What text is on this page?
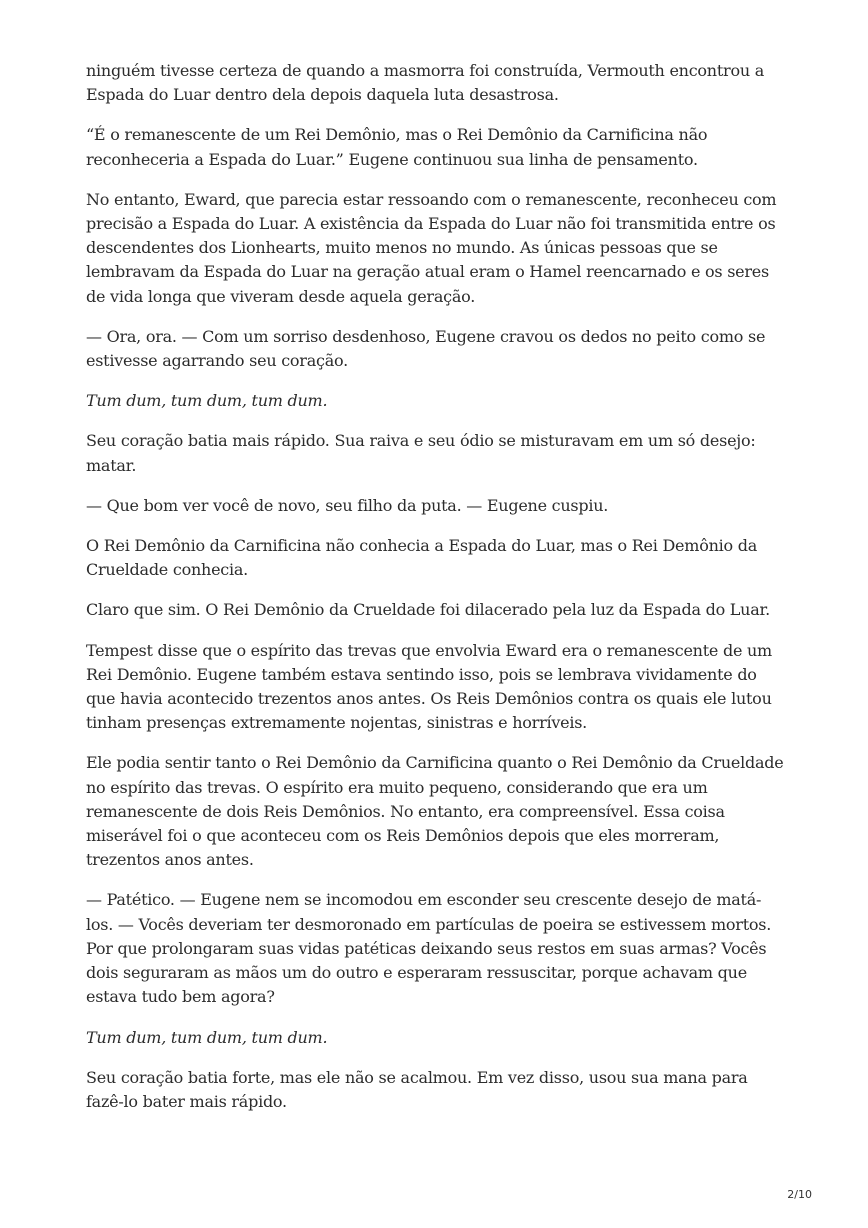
ninguém tivesse certeza de quando a masmorra foi construída, Vermouth encontrou a Espada do Luar dentro dela depois daquela luta desastrosa.

“É o remanescente de um Rei Demônio, mas o Rei Demônio da Carnificina não reconheceria a Espada do Luar.” Eugene continuou sua linha de pensamento.

No entanto, Eward, que parecia estar ressoando com o remanescente, reconheceu com precisão a Espada do Luar. A existência da Espada do Luar não foi transmitida entre os descendentes dos Lionhearts, muito menos no mundo. As únicas pessoas que se lembravam da Espada do Luar na geração atual eram o Hamel reencarnado e os seres de vida longa que viveram desde aquela geração.

— Ora, ora. — Com um sorriso desdenhoso, Eugene cravou os dedos no peito como se estivesse agarrando seu coração.

Tum dum, tum dum, tum dum.

Seu coração batia mais rápido. Sua raiva e seu ódio se misturavam em um só desejo: matar.

— Que bom ver você de novo, seu filho da puta. — Eugene cuspiu.

O Rei Demônio da Carnificina não conhecia a Espada do Luar, mas o Rei Demônio da Crueldade conhecia.

Claro que sim. O Rei Demônio da Crueldade foi dilacerado pela luz da Espada do Luar.

Tempest disse que o espírito das trevas que envolvia Eward era o remanescente de um Rei Demônio. Eugene também estava sentindo isso, pois se lembrava vividamente do que havia acontecido trezentos anos antes. Os Reis Demônios contra os quais ele lutou tinham presenças extremamente nojentas, sinistras e horríveis.

Ele podia sentir tanto o Rei Demônio da Carnificina quanto o Rei Demônio da Crueldade no espírito das trevas. O espírito era muito pequeno, considerando que era um remanescente de dois Reis Demônios. No entanto, era compreensível. Essa coisa miserável foi o que aconteceu com os Reis Demônios depois que eles morreram, trezentos anos antes.

— Patético. — Eugene nem se incomodou em esconder seu crescente desejo de matá-los. — Vocês deveriam ter desmoronado em partículas de poeira se estivessem mortos. Por que prolongaram suas vidas patéticas deixando seus restos em suas armas? Vocês dois seguraram as mãos um do outro e esperaram ressuscitar, porque achavam que estava tudo bem agora?

Tum dum, tum dum, tum dum.

Seu coração batia forte, mas ele não se acalmou. Em vez disso, usou sua mana para fazê-lo bater mais rápido.

2/10
